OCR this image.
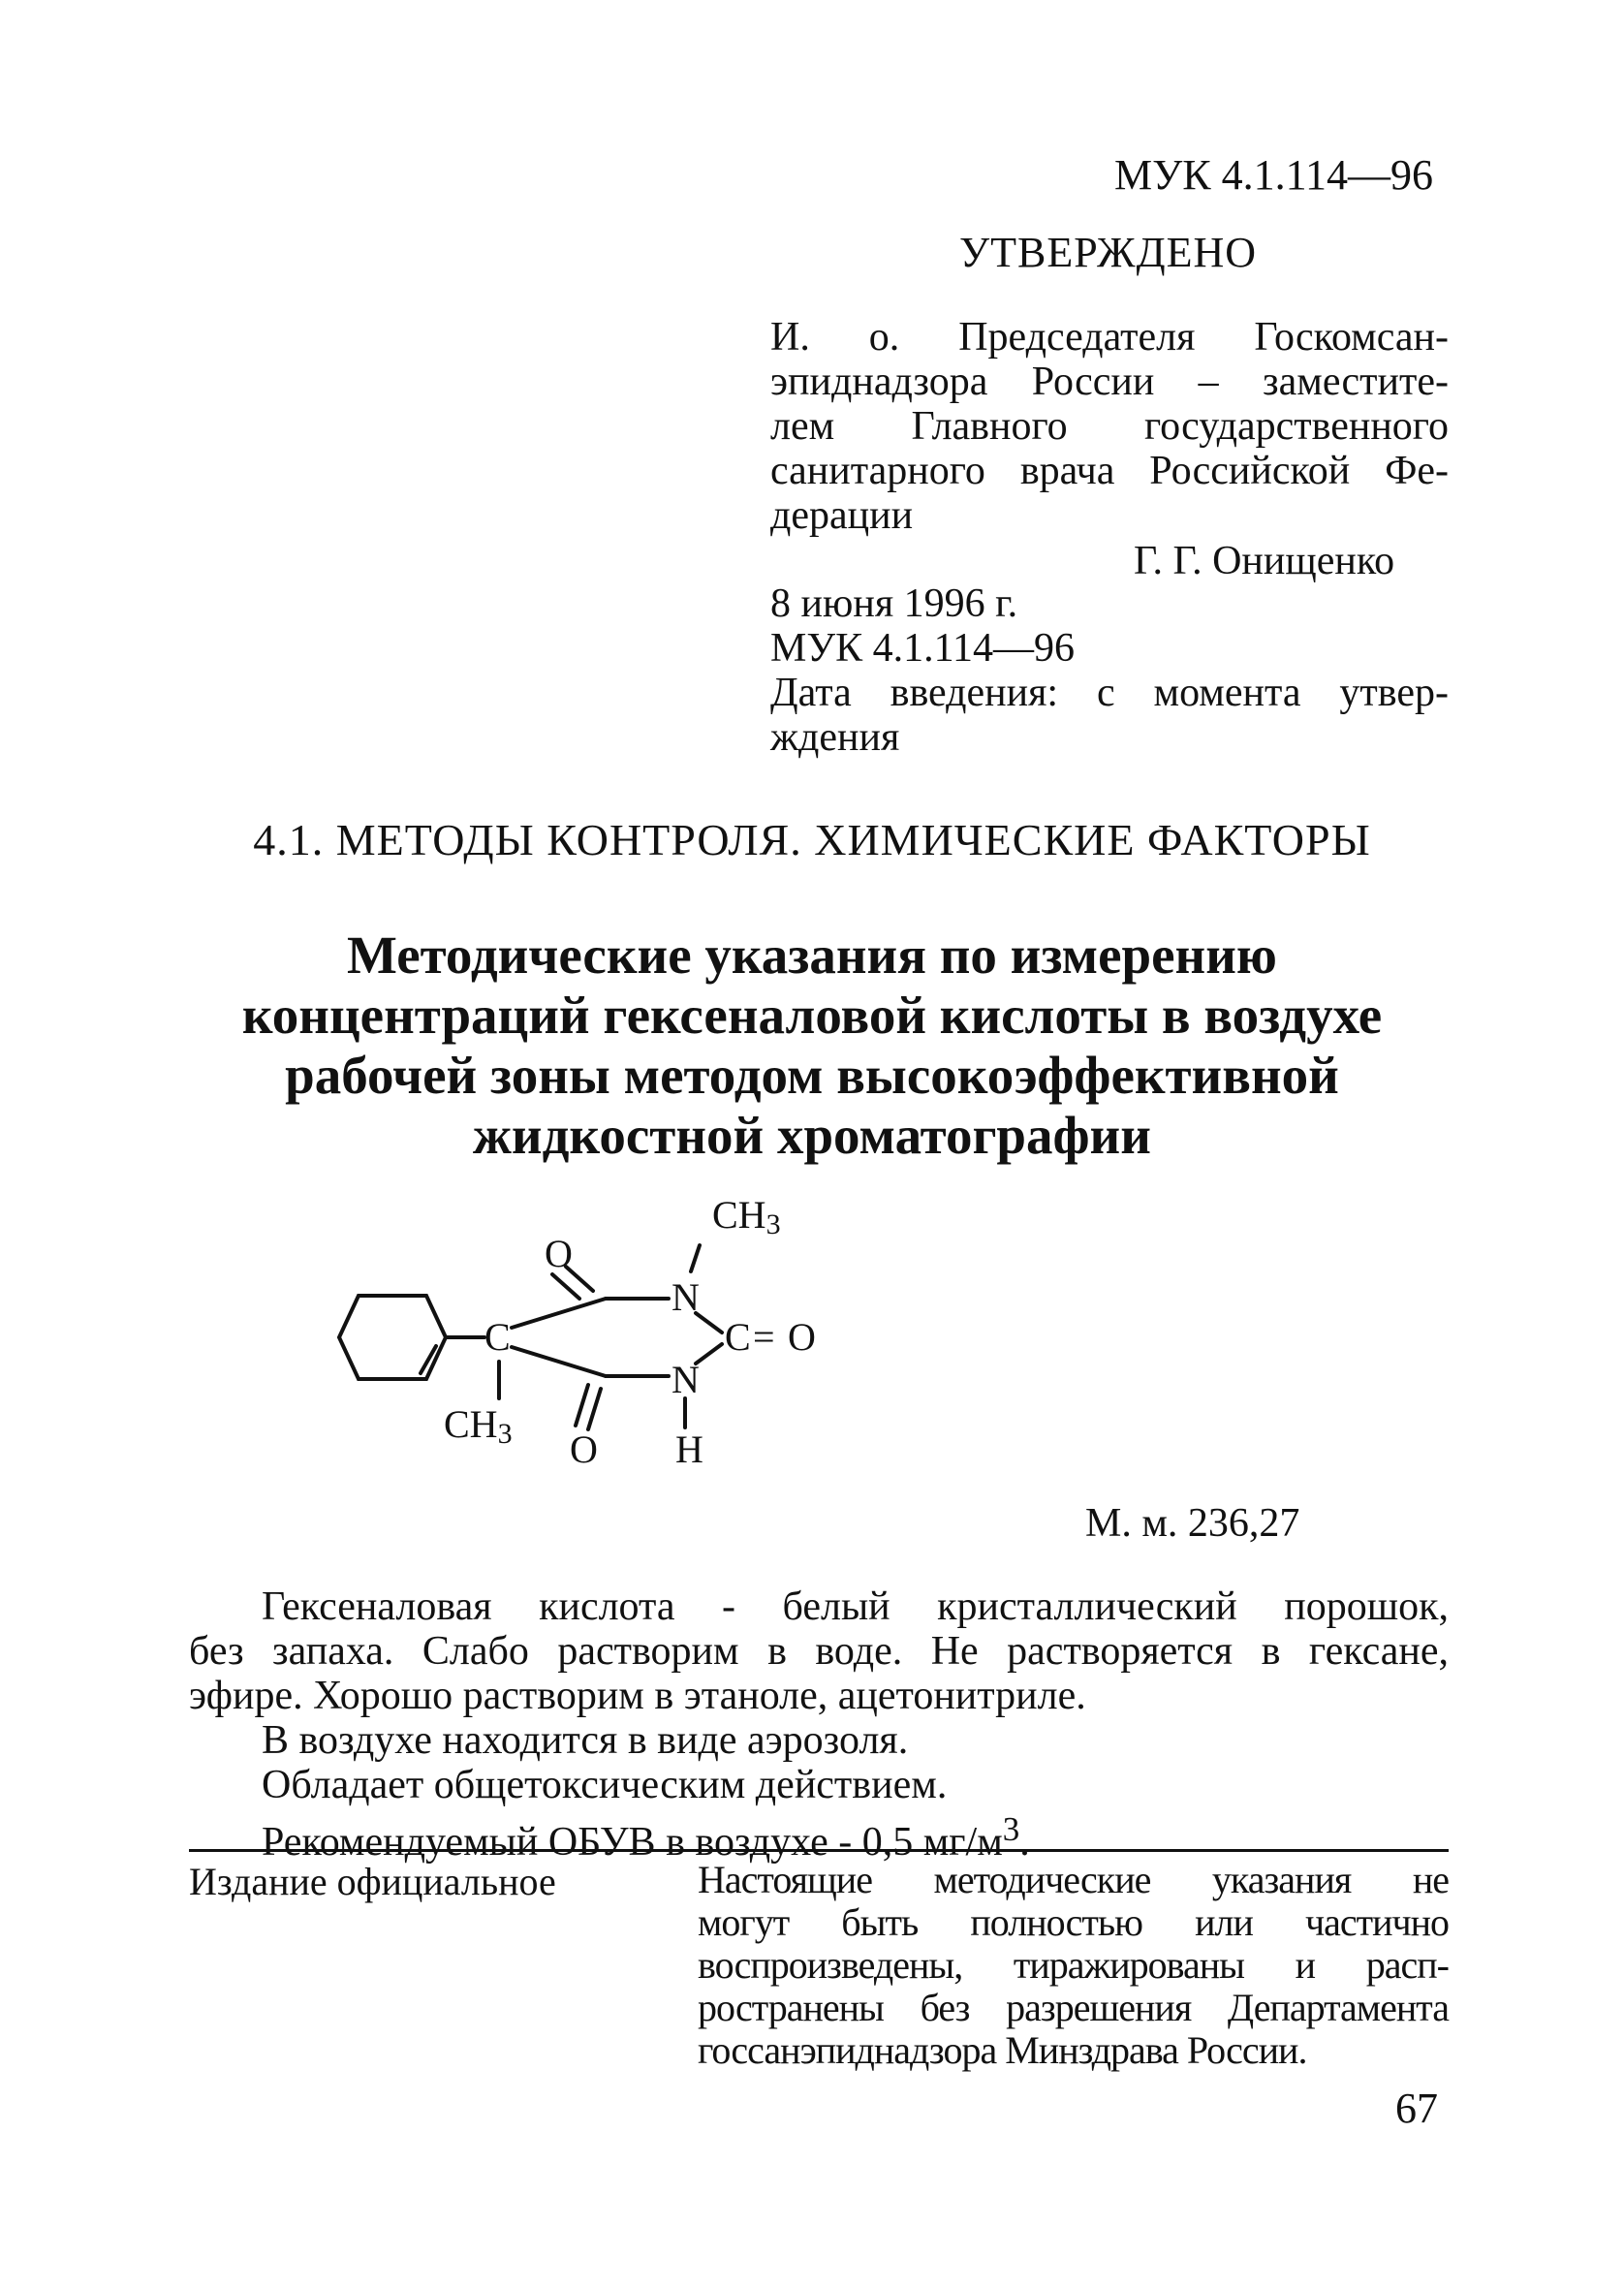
МУК 4.1.114—96
УТВЕРЖДЕНО
И. о. Председателя Госкомсан-
эпиднадзора России – заместите-
лем Главного государственного
санитарного врача Российской Фе-
дерации
Г. Г. Онищенко
8 июня 1996 г.
МУК 4.1.114—96
Дата введения: с момента утвер-
ждения
4.1. МЕТОДЫ КОНТРОЛЯ. ХИМИЧЕСКИЕ ФАКТОРЫ
Методические указания по измерению
концентраций гексеналовой кислоты в воздухе
рабочей зоны методом высокоэффективной
жидкостной хроматографии
CH3
O
N
C	C = O
N
H
CH3 O
М. м. 236,27
Гексеналовая кислота - белый кристаллический порошок,
без запаха. Слабо растворим в воде. Не растворяется в гексане,
эфире. Хорошо растворим в этаноле, ацетонитриле.
В воздухе находится в виде аэрозоля.
Обладает общетоксическим действием.
Рекомендуемый ОБУВ в воздухе - 0,5 $мг/м^3$.
Издание официальное	Настоящие методические указания не
могут быть полностью или частично
воспроизведены, тиражированы и расп-
ространены без разрешения Департамента
госсанэпиднадзора Минздрава России.
67
